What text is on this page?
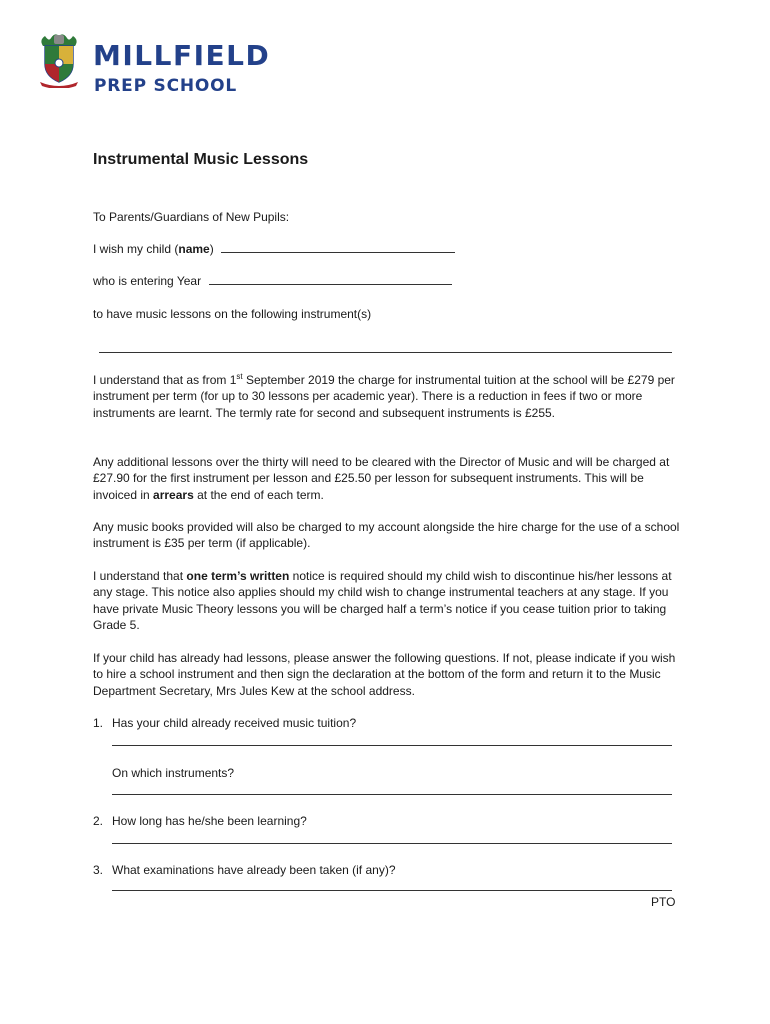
MILLFIELD
PREP SCHOOL
Instrumental Music Lessons
To Parents/Guardians of New Pupils:
I wish my child (name)
who is entering Year
to have music lessons on the following instrument(s)

I understand that as from 1st September 2019 the charge for instrumental tuition at the school will be £279 per instrument per term (for up to 30 lessons per academic year). There is a reduction in fees if two or more instruments are learnt. The termly rate for second and subsequent instruments is £255.

Any additional lessons over the thirty will need to be cleared with the Director of Music and will be charged at £27.90 for the first instrument per lesson and £25.50 per lesson for subsequent instruments. This will be invoiced in arrears at the end of each term.

Any music books provided will also be charged to my account alongside the hire charge for the use of a school instrument is £35 per term (if applicable).

I understand that one term’s written notice is required should my child wish to discontinue his/her lessons at any stage. This notice also applies should my child wish to change instrumental teachers at any stage. If you have private Music Theory lessons you will be charged half a term’s notice if you cease tuition prior to taking Grade 5.

If your child has already had lessons, please answer the following questions. If not, please indicate if you wish to hire a school instrument and then sign the declaration at the bottom of the form and return it to the Music Department Secretary, Mrs Jules Kew at the school address.

1. Has your child already received music tuition?
On which instruments?
2. How long has he/she been learning?
3. What examinations have already been taken (if any)?
PTO
